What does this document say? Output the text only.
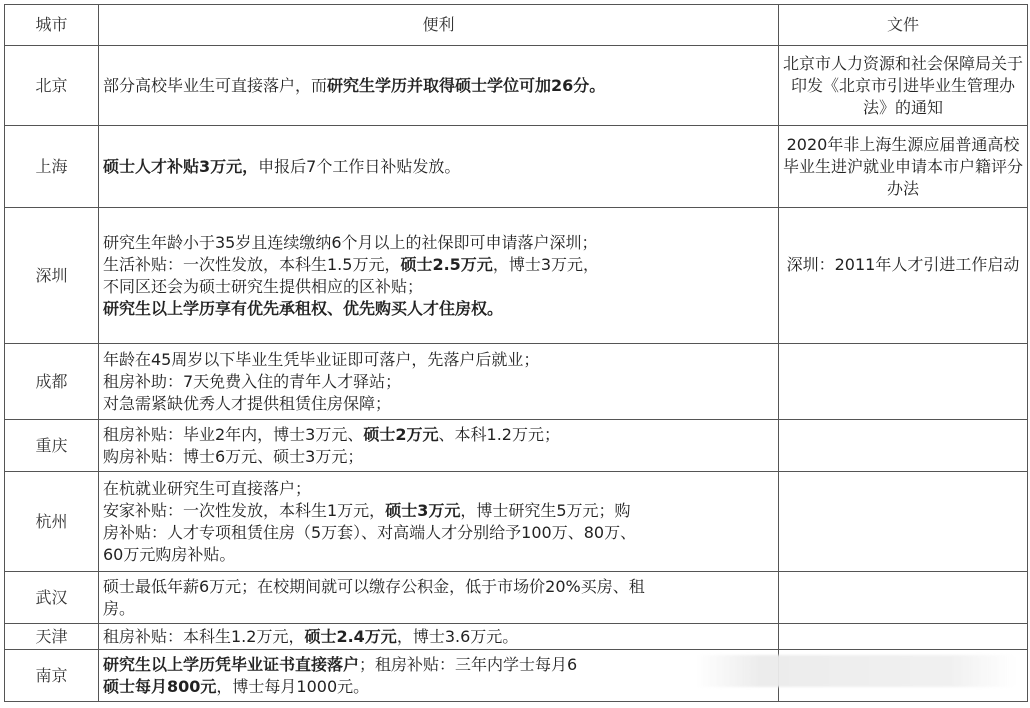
城市	便利	文件
北京	部分高校毕业生可直接落户，而研究生学历并取得硕士学位可加26分。	北京市人力资源和社会保障局关于印发《北京市引进毕业生管理办法》的通知
上海	硕士人才补贴3万元，申报后7个工作日补贴发放。	2020年非上海生源应届普通高校毕业生进沪就业申请本市户籍评分办法
深圳	研究生年龄小于35岁且连续缴纳6个月以上的社保即可申请落户深圳；
生活补贴：一次性发放，本科生1.5万元，硕士2.5万元，博士3万元，
不同区还会为硕士研究生提供相应的区补贴；
研究生以上学历享有优先承租权、优先购买人才住房权。	深圳：2011年人才引进工作启动
成都	年龄在45周岁以下毕业生凭毕业证即可落户，先落户后就业；
租房补助：7天免费入住的青年人才驿站；
对急需紧缺优秀人才提供租赁住房保障；	

重庆	租房补贴：毕业2年内，博士3万元、硕士2万元、本科1.2万元；
购房补贴：博士6万元、硕士3万元；	

杭州	在杭就业研究生可直接落户；
安家补贴：一次性发放，本科生1万元，硕士3万元，博士研究生5万元；购
房补贴：人才专项租赁住房（5万套）、对高端人才分别给予100万、80万、
60万元购房补贴。	

武汉	硕士最低年薪6万元；在校期间就可以缴存公积金，低于市场价20%买房、租
房。	

天津	租房补贴：本科生1.2万元，硕士2.4万元，博士3.6万元。	

南京	研究生以上学历凭毕业证书直接落户；租房补贴：三年内学士每月6
硕士每月800元，博士每月1000元。	
